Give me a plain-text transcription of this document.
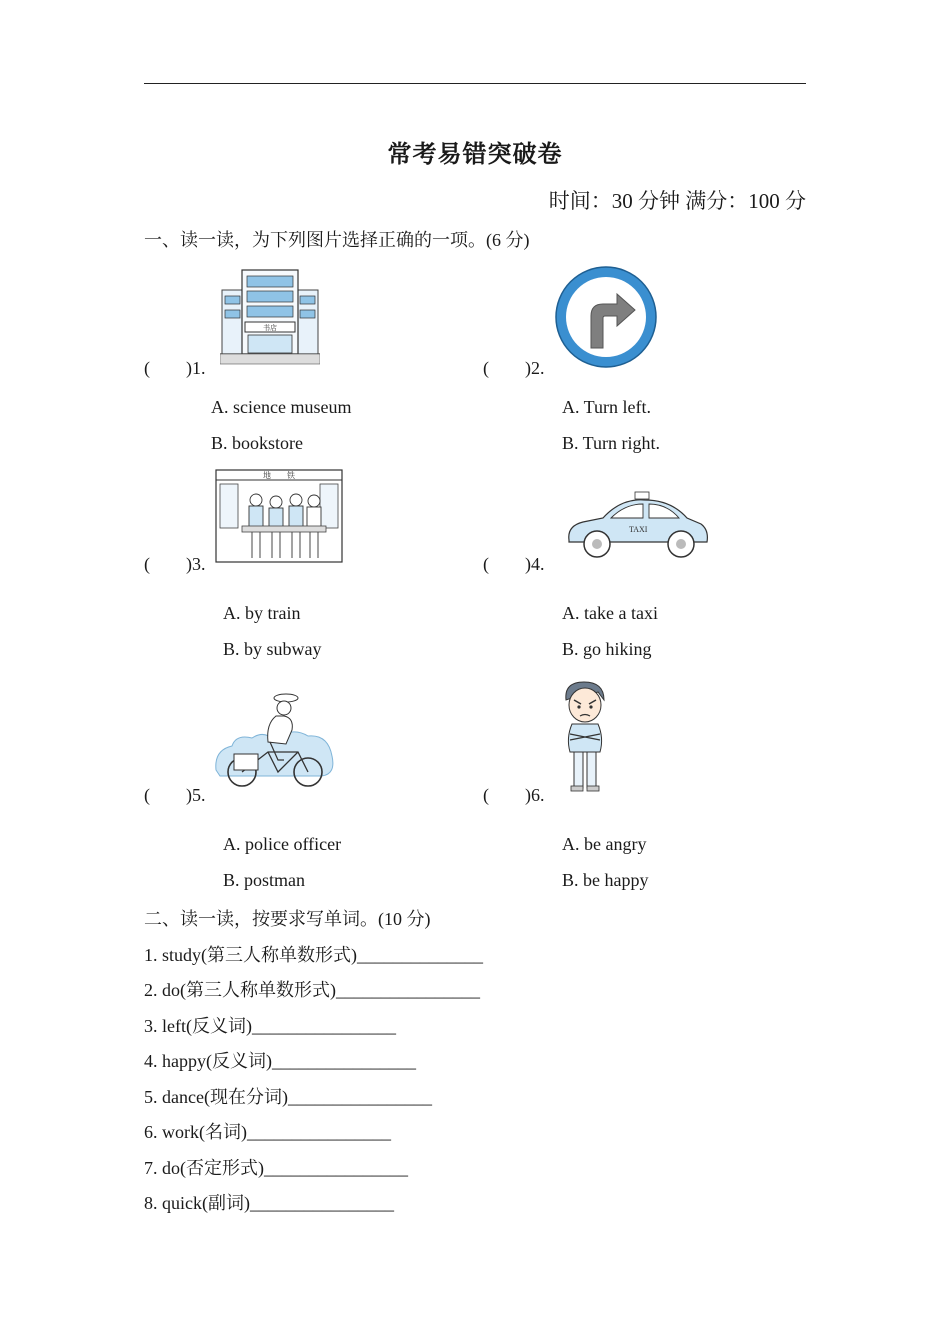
常考易错突破卷
时间：30 分钟 满分：100 分
一、读一读，为下列图片选择正确的一项。(6 分)
书店
(　　)1.
A. science museum
B. bookstore
(　　)2.
A. Turn left.
B. Turn right.
地　　铁
(　　)3.
A. by train
B. by subway
TAXI
(　　)4.
A. take a taxi
B. go hiking
(　　)5.
A. police officer
B. postman
(　　)6.
A. be angry
B. be happy
二、读一读，按要求写单词。(10 分)
1. study(第三人称单数形式)______________
2. do(第三人称单数形式)________________
3. left(反义词)________________
4. happy(反义词)________________
5. dance(现在分词)________________
6. work(名词)________________
7. do(否定形式)________________
8. quick(副词)________________
